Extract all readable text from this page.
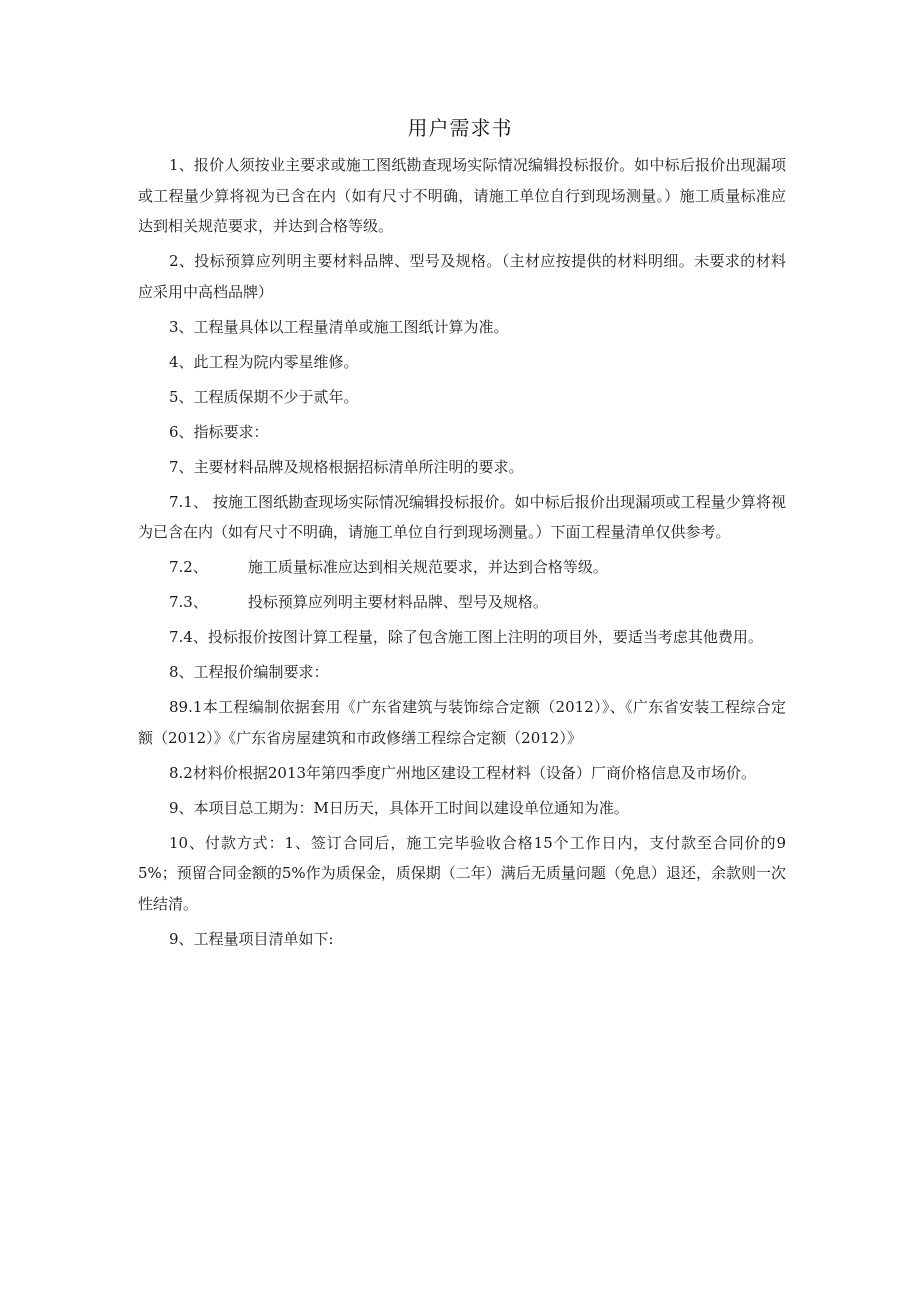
用户需求书

1、报价人须按业主要求或施工图纸勘查现场实际情况编辑投标报价。如中标后报价出现漏项或工程量少算将视为已含在内（如有尺寸不明确，请施工单位自行到现场测量。）施工质量标准应达到相关规范要求，并达到合格等级。

2、投标预算应列明主要材料品牌、型号及规格。（主材应按提供的材料明细。未要求的材料应采用中高档品牌）

3、工程量具体以工程量清单或施工图纸计算为准。

4、此工程为院内零星维修。

5、工程质保期不少于贰年。

6、指标要求：

7、主要材料品牌及规格根据招标清单所注明的要求。

7.1、 按施工图纸勘查现场实际情况编辑投标报价。如中标后报价出现漏项或工程量少算将视为已含在内（如有尺寸不明确，请施工单位自行到现场测量。）下面工程量清单仅供参考。

7.2、	施工质量标准应达到相关规范要求，并达到合格等级。

7.3、	投标预算应列明主要材料品牌、型号及规格。

7.4、投标报价按图计算工程量，除了包含施工图上注明的项目外，要适当考虑其他费用。

8、工程报价编制要求：

89.1本工程编制依据套用《广东省建筑与装饰综合定额（2012）》、《广东省安装工程综合定额（2012）》《广东省房屋建筑和市政修缮工程综合定额（2012）》

8.2材料价根据2013年第四季度广州地区建设工程材料（设备）厂商价格信息及市场价。

9、本项目总工期为：M日历天，具体开工时间以建设单位通知为准。

10、付款方式：1、签订合同后，施工完毕验收合格15个工作日内，支付款至合同价的95%；预留合同金额的5%作为质保金，质保期（二年）满后无质量问题（免息）退还，余款则一次性结清。

9、工程量项目清单如下:
